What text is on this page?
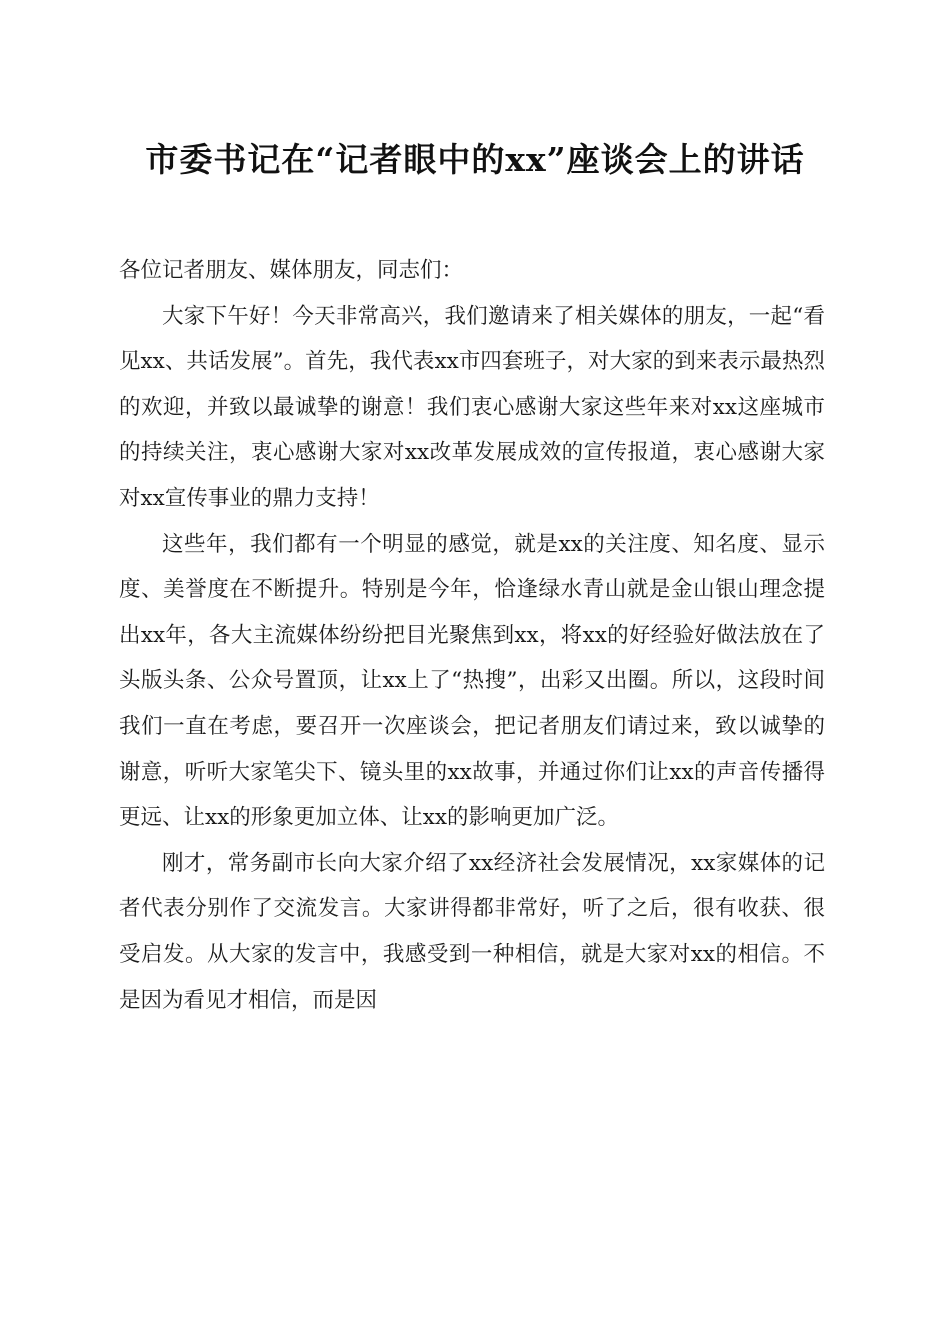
市委书记在“记者眼中的xx”座谈会上的讲话

各位记者朋友、媒体朋友，同志们：

大家下午好！今天非常高兴，我们邀请来了相关媒体的朋友，一起“看见xx、共话发展”。首先，我代表xx市四套班子，对大家的到来表示最热烈的欢迎，并致以最诚挚的谢意！我们衷心感谢大家这些年来对xx这座城市的持续关注，衷心感谢大家对xx改革发展成效的宣传报道，衷心感谢大家对xx宣传事业的鼎力支持！

这些年，我们都有一个明显的感觉，就是xx的关注度、知名度、显示度、美誉度在不断提升。特别是今年，恰逢绿水青山就是金山银山理念提出xx年，各大主流媒体纷纷把目光聚焦到xx，将xx的好经验好做法放在了头版头条、公众号置顶，让xx上了“热搜”，出彩又出圈。所以，这段时间我们一直在考虑，要召开一次座谈会，把记者朋友们请过来，致以诚挚的谢意，听听大家笔尖下、镜头里的xx故事，并通过你们让xx的声音传播得更远、让xx的形象更加立体、让xx的影响更加广泛。

刚才，常务副市长向大家介绍了xx经济社会发展情况，xx家媒体的记者代表分别作了交流发言。大家讲得都非常好，听了之后，很有收获、很受启发。从大家的发言中，我感受到一种相信，就是大家对xx的相信。不是因为看见才相信，而是因
